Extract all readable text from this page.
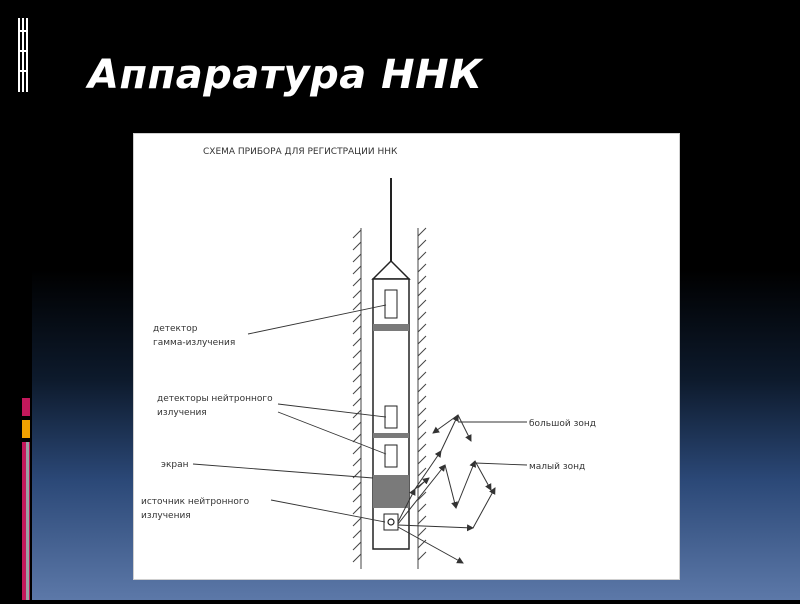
Аппаратура ННК
СХЕМА ПРИБОРА ДЛЯ РЕГИСТРАЦИИ ННК
детектор
гамма-излучения
детекторы нейтронного
излучения
экран
источник нейтронного
излучения
большой зонд
малый зонд
